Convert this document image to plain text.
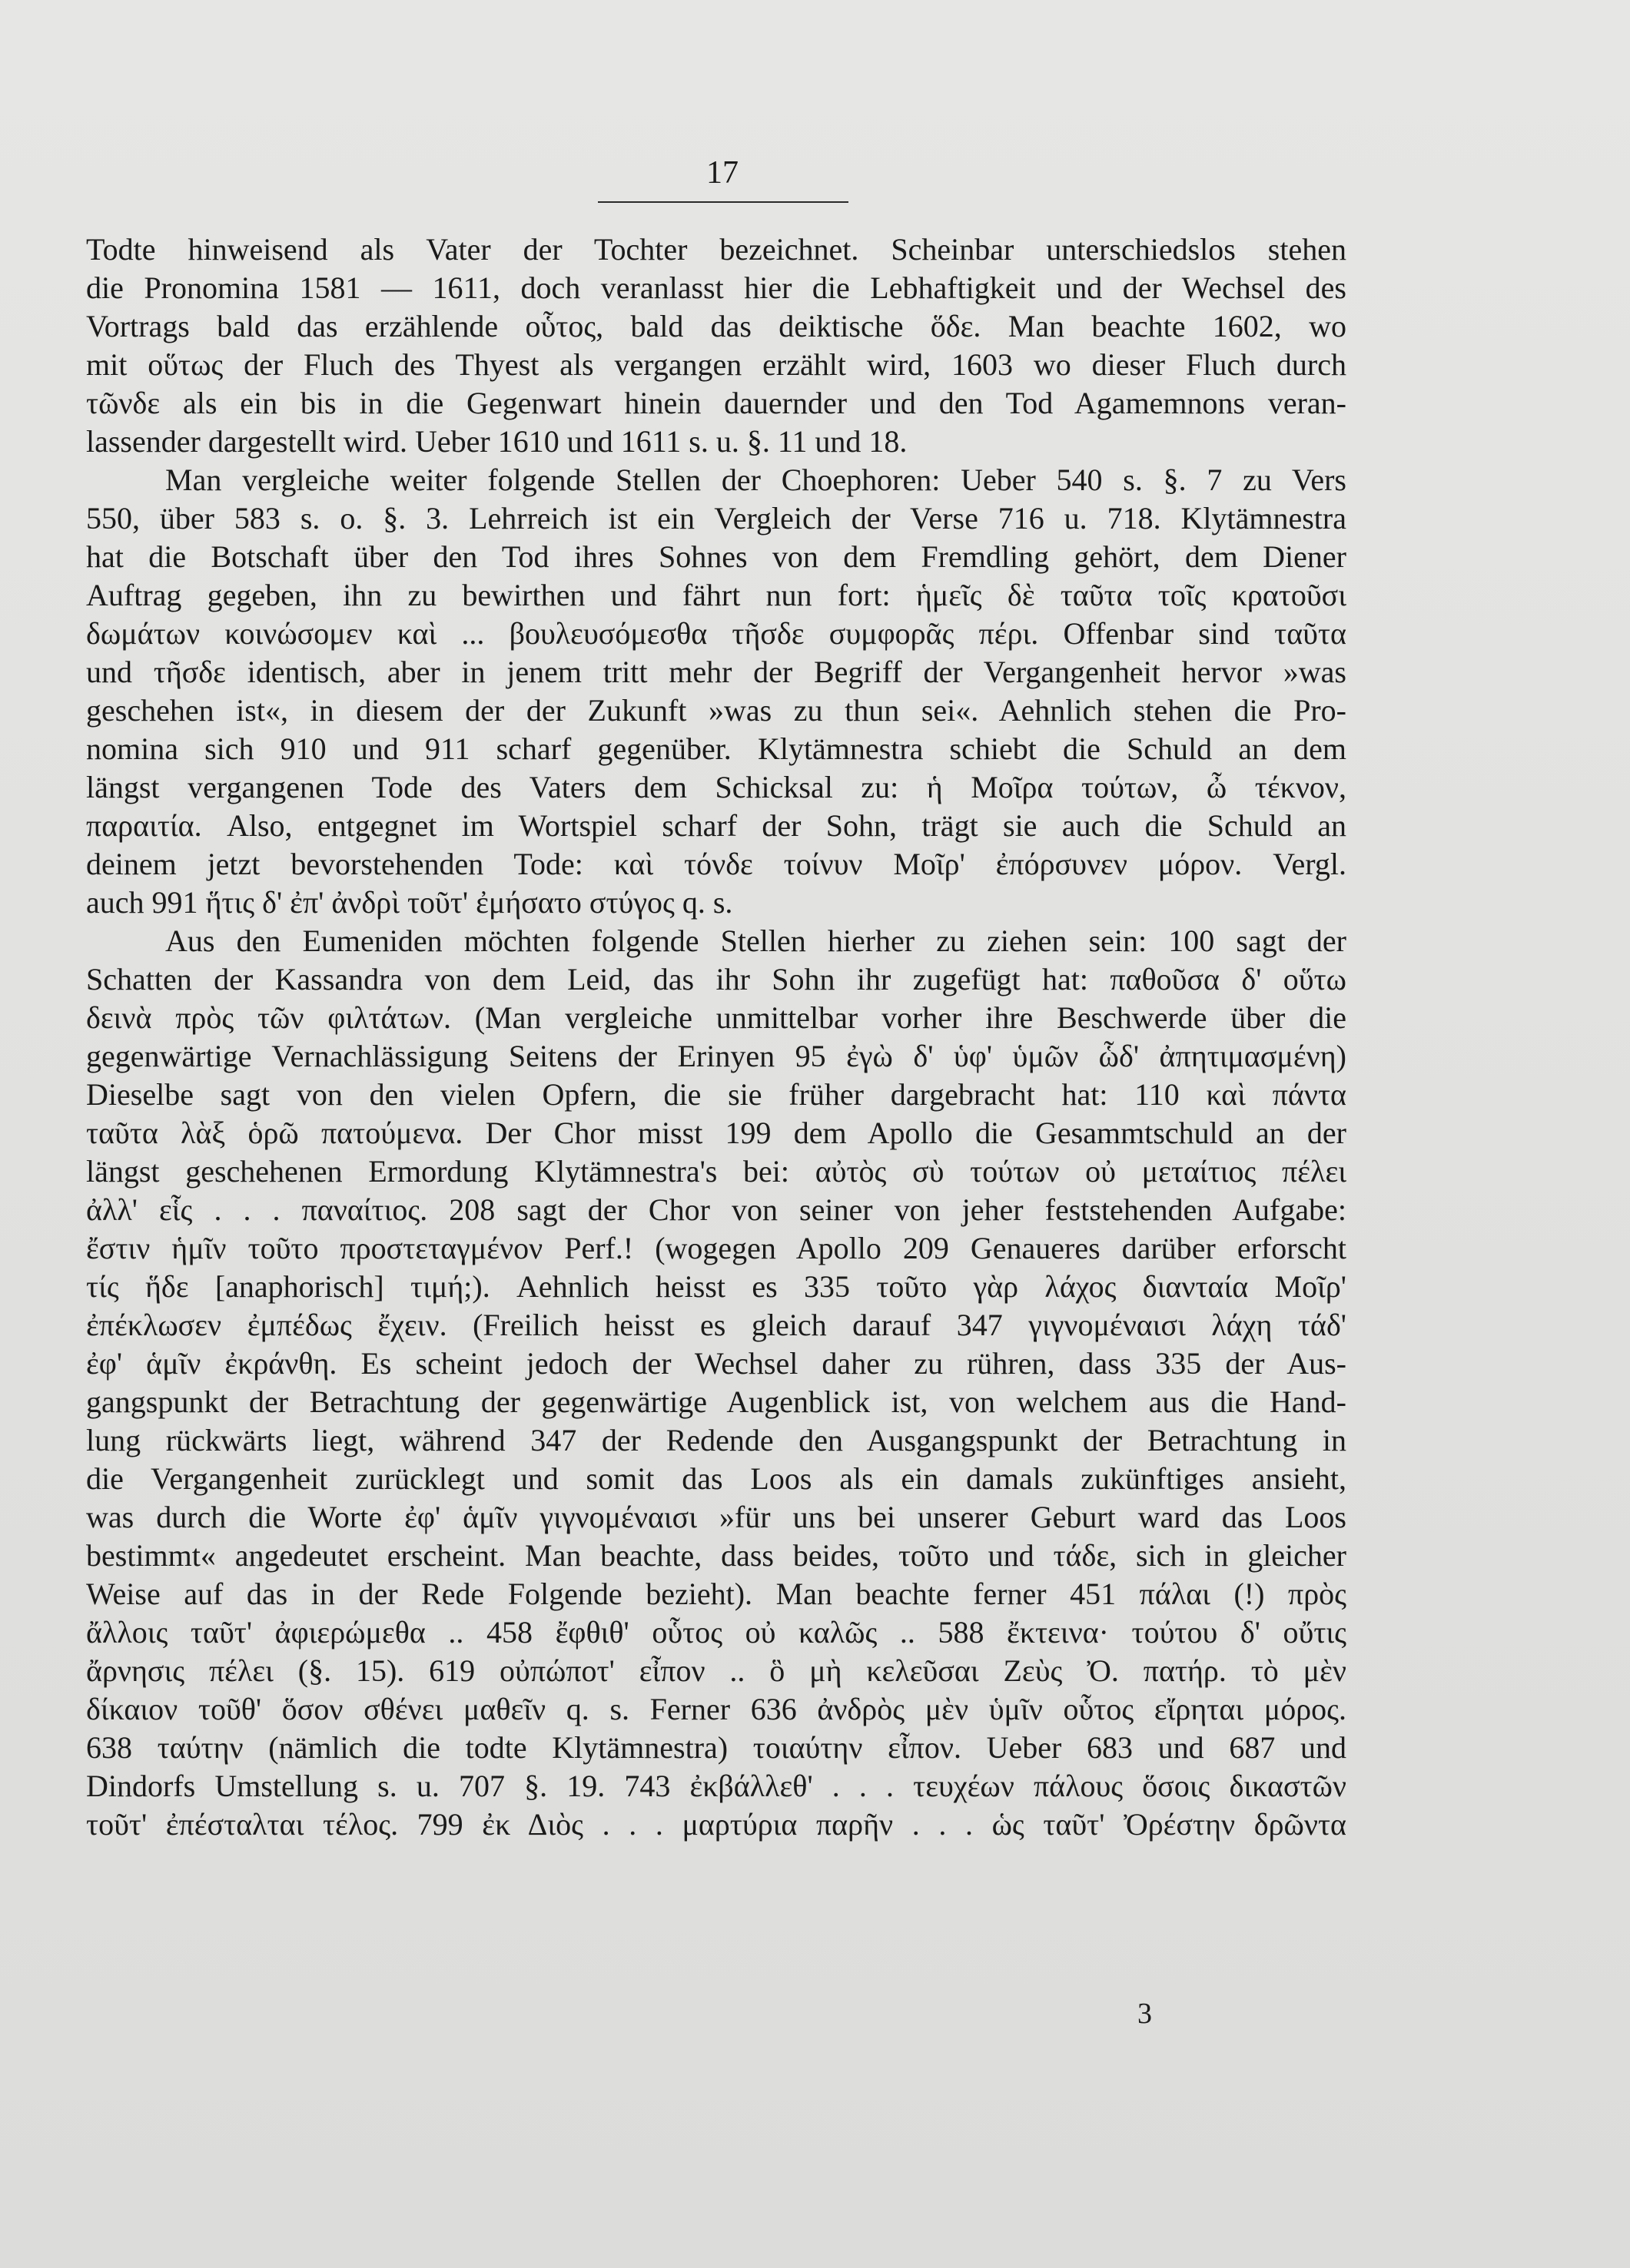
17
Todte hinweisend als Vater der Tochter bezeichnet. Scheinbar unterschiedslos stehen
die Pronomina 1581 — 1611, doch veranlasst hier die Lebhaftigkeit und der Wechsel des
Vortrags bald das erzählende οὗτος, bald das deiktische ὅδε. Man beachte 1602, wo
mit οὕτως der Fluch des Thyest als vergangen erzählt wird, 1603 wo dieser Fluch durch
τῶνδε als ein bis in die Gegenwart hinein dauernder und den Tod Agamemnons veran-
lassender dargestellt wird. Ueber 1610 und 1611 s. u. §. 11 und 18.
Man vergleiche weiter folgende Stellen der Choephoren: Ueber 540 s. §. 7 zu Vers
550, über 583 s. o. §. 3. Lehrreich ist ein Vergleich der Verse 716 u. 718. Klytämnestra
hat die Botschaft über den Tod ihres Sohnes von dem Fremdling gehört, dem Diener
Auftrag gegeben, ihn zu bewirthen und fährt nun fort: ἡμεῖς δὲ ταῦτα τοῖς κρατοῦσι
δωμάτων κοινώσομεν καὶ ... βουλευσόμεσθα τῆσδε συμφορᾶς πέρι. Offenbar sind ταῦτα
und τῆσδε identisch, aber in jenem tritt mehr der Begriff der Vergangenheit hervor »was
geschehen ist«, in diesem der der Zukunft »was zu thun sei«. Aehnlich stehen die Pro-
nomina sich 910 und 911 scharf gegenüber. Klytämnestra schiebt die Schuld an dem
längst vergangenen Tode des Vaters dem Schicksal zu: ἡ Μοῖρα τούτων, ὦ τέκνον,
παραιτία. Also, entgegnet im Wortspiel scharf der Sohn, trägt sie auch die Schuld an
deinem jetzt bevorstehenden Tode: καὶ τόνδε τοίνυν Μοῖρ' ἐπόρσυνεν μόρον. Vergl.
auch 991 ἥτις δ' ἐπ' ἀνδρὶ τοῦτ' ἐμήσατο στύγος q. s.
Aus den Eumeniden möchten folgende Stellen hierher zu ziehen sein: 100 sagt der
Schatten der Kassandra von dem Leid, das ihr Sohn ihr zugefügt hat: παθοῦσα δ' οὕτω
δεινὰ πρὸς τῶν φιλτάτων. (Man vergleiche unmittelbar vorher ihre Beschwerde über die
gegenwärtige Vernachlässigung Seitens der Erinyen 95 ἐγὼ δ' ὑφ' ὑμῶν ὧδ' ἀπητιμασμένη)
Dieselbe sagt von den vielen Opfern, die sie früher dargebracht hat: 110 καὶ πάντα
ταῦτα λὰξ ὁρῶ πατούμενα. Der Chor misst 199 dem Apollo die Gesammtschuld an der
längst geschehenen Ermordung Klytämnestra's bei: αὐτὸς σὺ τούτων οὐ μεταίτιος πέλει
ἀλλ' εἷς . . . παναίτιος. 208 sagt der Chor von seiner von jeher feststehenden Aufgabe:
ἔστιν ἡμῖν τοῦτο προστεταγμένον Perf.! (wogegen Apollo 209 Genaueres darüber erforscht
τίς ἥδε [anaphorisch] τιμή;). Aehnlich heisst es 335 τοῦτο γὰρ λάχος διανταία Μοῖρ'
ἐπέκλωσεν ἐμπέδως ἔχειν. (Freilich heisst es gleich darauf 347 γιγνομέναισι λάχη τάδ'
ἐφ' ἁμῖν ἐκράνθη. Es scheint jedoch der Wechsel daher zu rühren, dass 335 der Aus-
gangspunkt der Betrachtung der gegenwärtige Augenblick ist, von welchem aus die Hand-
lung rückwärts liegt, während 347 der Redende den Ausgangspunkt der Betrachtung in
die Vergangenheit zurücklegt und somit das Loos als ein damals zukünftiges ansieht,
was durch die Worte ἐφ' ἁμῖν γιγνομέναισι »für uns bei unserer Geburt ward das Loos
bestimmt« angedeutet erscheint. Man beachte, dass beides, τοῦτο und τάδε, sich in gleicher
Weise auf das in der Rede Folgende bezieht). Man beachte ferner 451 πάλαι (!) πρὸς
ἄλλοις ταῦτ' ἀφιερώμεθα .. 458 ἔφθιθ' οὗτος οὐ καλῶς .. 588 ἔκτεινα· τούτου δ' οὔτις
ἄρνησις πέλει (§. 15). 619 οὐπώποτ' εἶπον .. ὃ μὴ κελεῦσαι Ζεὺς Ὀ. πατήρ. τὸ μὲν
δίκαιον τοῦθ' ὅσον σθένει μαθεῖν q. s. Ferner 636 ἀνδρὸς μὲν ὑμῖν οὗτος εἴρηται μόρος.
638 ταύτην (nämlich die todte Klytämnestra) τοιαύτην εἶπον. Ueber 683 und 687 und
Dindorfs Umstellung s. u. 707 §. 19. 743 ἐκβάλλεθ' . . . τευχέων πάλους ὅσοις δικαστῶν
τοῦτ' ἐπέσταλται τέλος. 799 ἐκ Διὸς . . . μαρτύρια παρῆν . . . ὡς ταῦτ' Ὀρέστην δρῶντα
3
